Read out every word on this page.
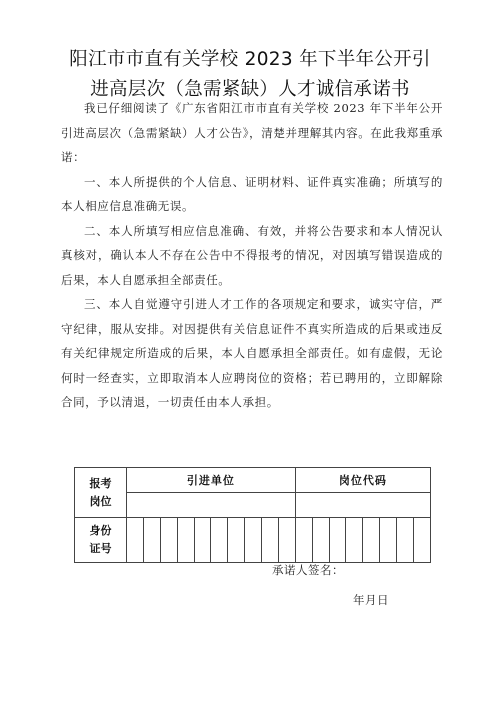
阳江市市直有关学校 2023 年下半年公开引
进高层次（急需紧缺）人才诚信承诺书

我已仔细阅读了《广东省阳江市市直有关学校 2023 年下半年公开引进高层次（急需紧缺）人才公告》，清楚并理解其内容。在此我郑重承诺：

一、本人所提供的个人信息、证明材料、证件真实准确；所填写的本人相应信息准确无误。

二、本人所填写相应信息准确、有效，并将公告要求和本人情况认真核对，确认本人不存在公告中不得报考的情况，对因填写错误造成的后果，本人自愿承担全部责任。

三、本人自觉遵守引进人才工作的各项规定和要求，诚实守信，严守纪律，服从安排。对因提供有关信息证件不真实所造成的后果或违反有关纪律规定所造成的后果，本人自愿承担全部责任。如有虚假，无论何时一经查实，立即取消本人应聘岗位的资格；若已聘用的，立即解除合同，予以清退，一切责任由本人承担。

报考
岗位	引进单位										岗位代码							

身份
证号																		

承诺人签名：
年月日
